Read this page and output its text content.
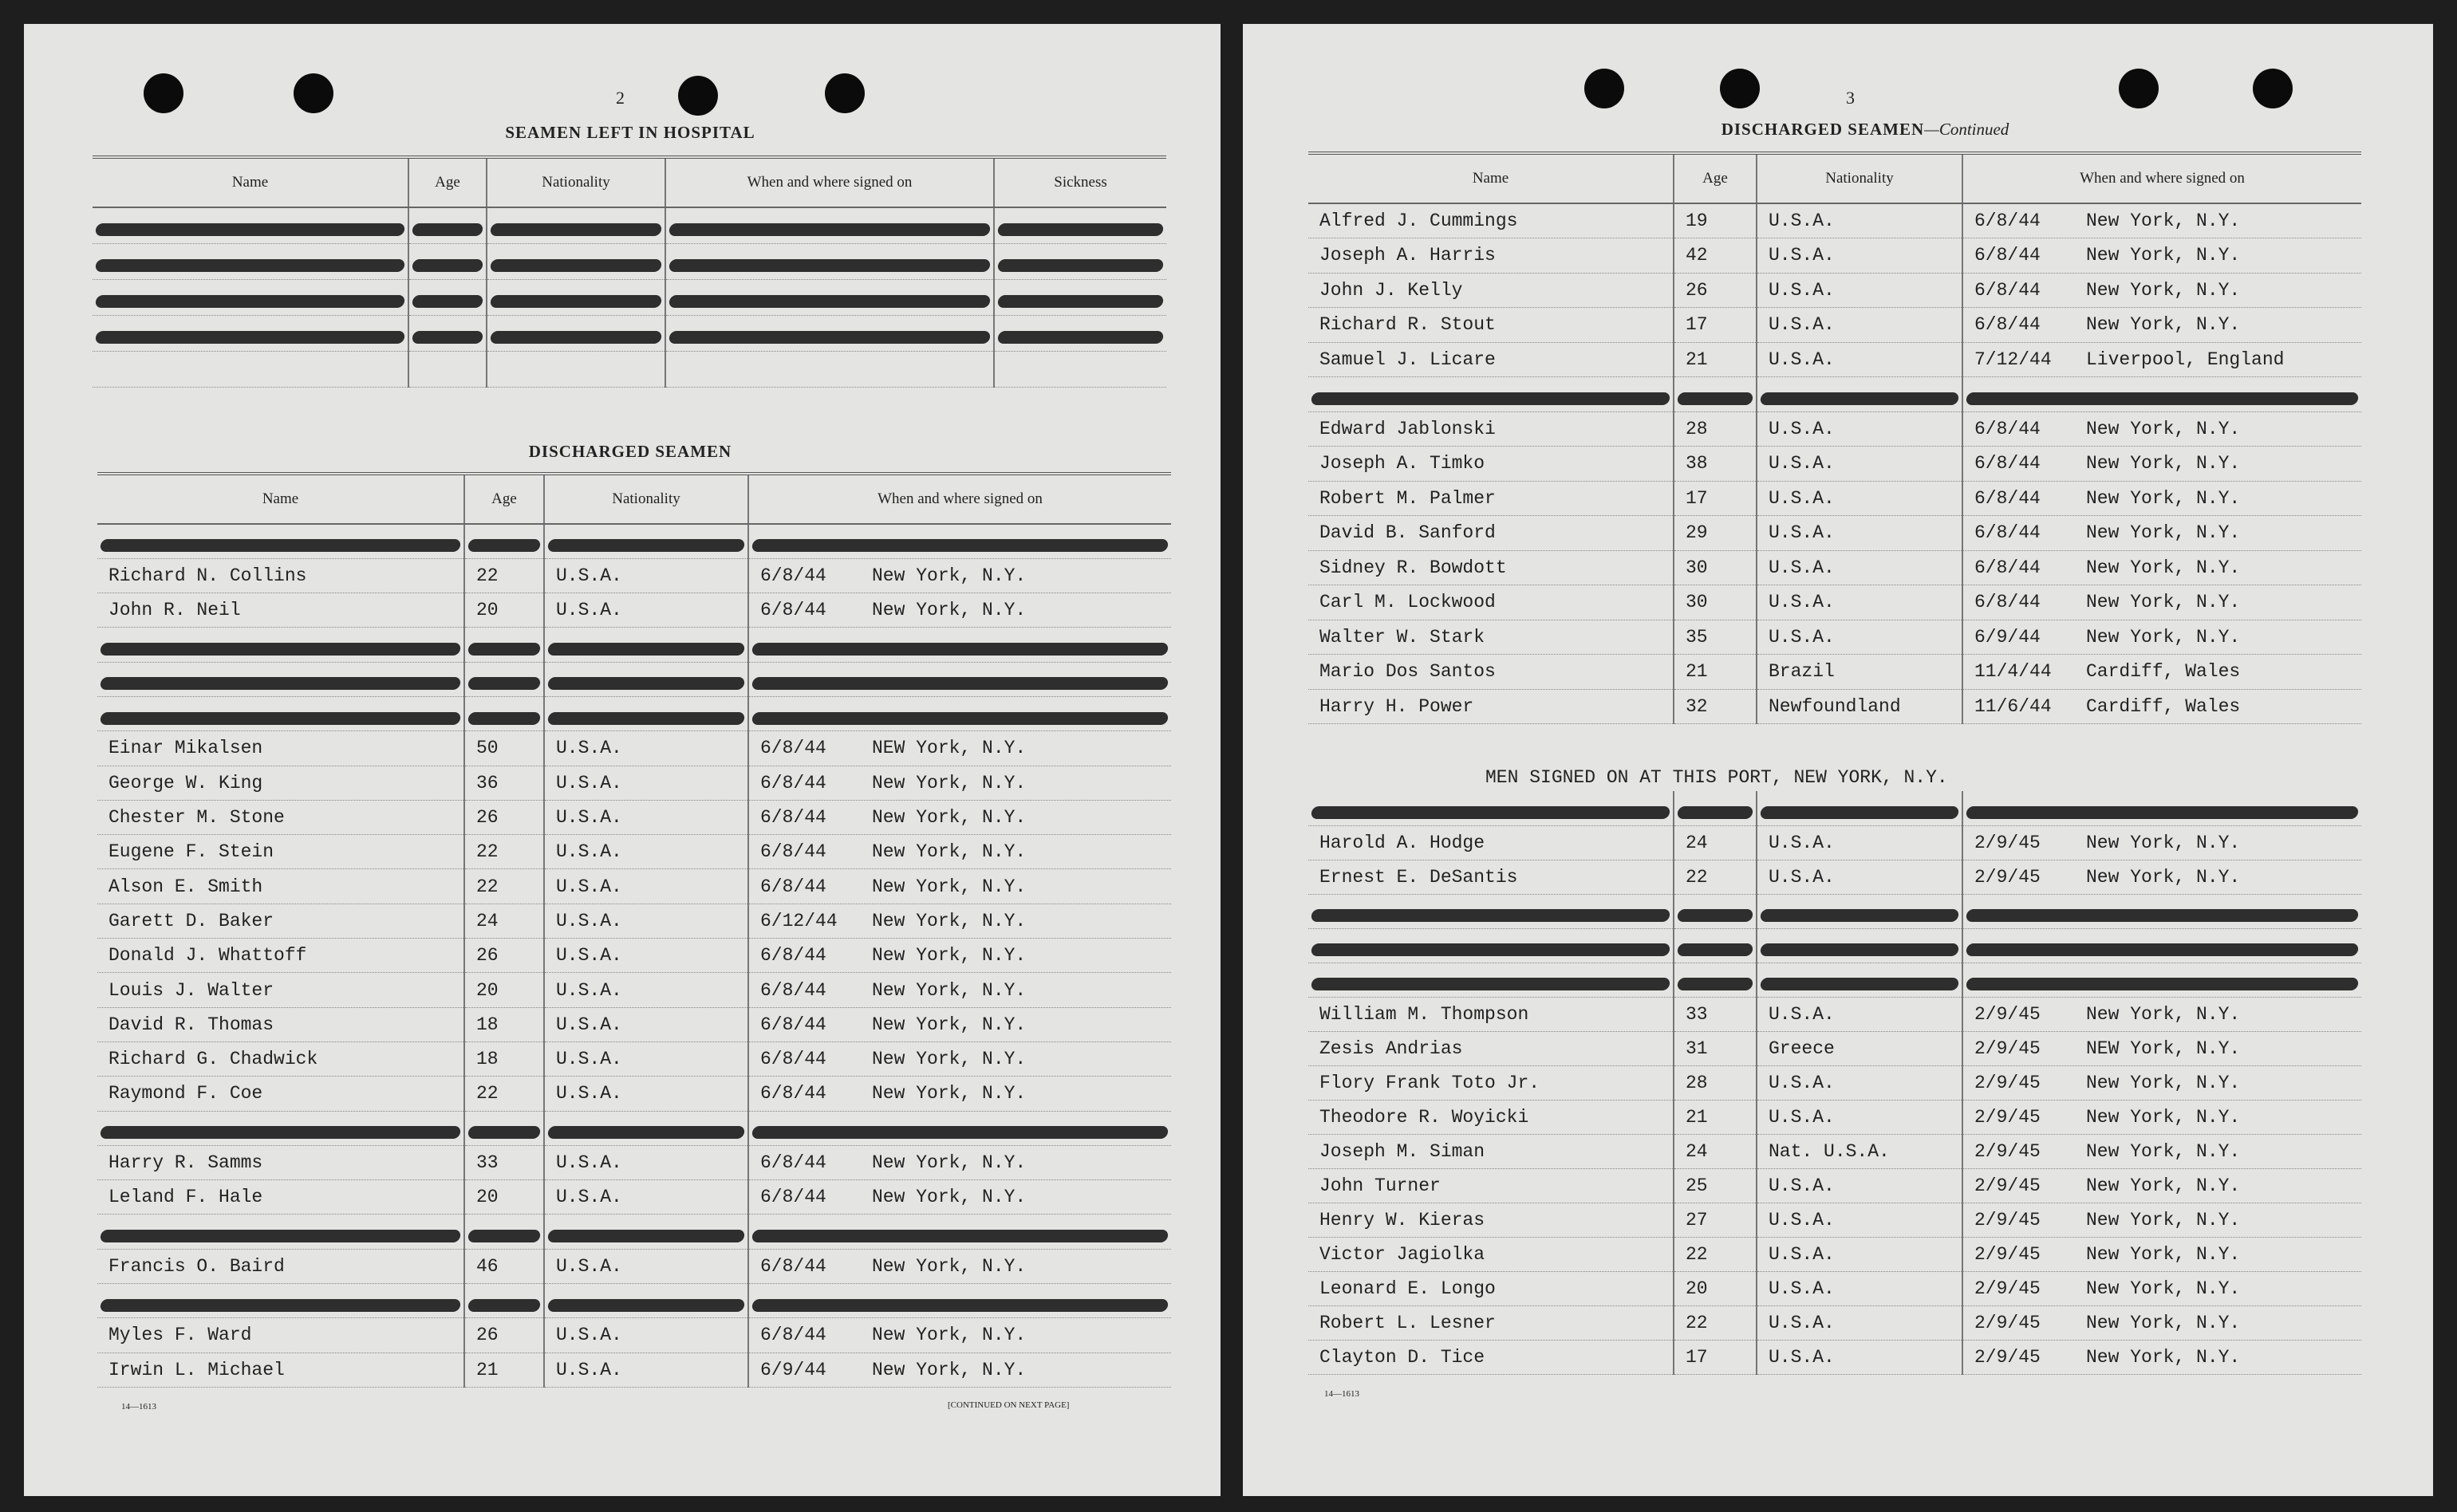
2
SEAMEN LEFT IN HOSPITAL
Name	Age	Nationality	When and where signed on	Sickness

DISCHARGED SEAMEN
Name	Age	Nationality	When and where signed on

Richard N. Collins	22	U.S.A.	6/8/44 New York, N.Y.
John R. Neil	20	U.S.A.	6/8/44 New York, N.Y.

Einar Mikalsen	50	U.S.A.	6/8/44 NEW York, N.Y.
George W. King	36	U.S.A.	6/8/44 New York, N.Y.
Chester M. Stone	26	U.S.A.	6/8/44 New York, N.Y.
Eugene F. Stein	22	U.S.A.	6/8/44 New York, N.Y.
Alson E. Smith	22	U.S.A.	6/8/44 New York, N.Y.
Garett D. Baker	24	U.S.A.	6/12/44 New York, N.Y.
Donald J. Whattoff	26	U.S.A.	6/8/44 New York, N.Y.
Louis J. Walter	20	U.S.A.	6/8/44 New York, N.Y.
David R. Thomas	18	U.S.A.	6/8/44 New York, N.Y.
Richard G. Chadwick	18	U.S.A.	6/8/44 New York, N.Y.
Raymond F. Coe	22	U.S.A.	6/8/44 New York, N.Y.

Harry R. Samms	33	U.S.A.	6/8/44 New York, N.Y.
Leland F. Hale	20	U.S.A.	6/8/44 New York, N.Y.

Francis O. Baird	46	U.S.A.	6/8/44 New York, N.Y.

Myles F. Ward	26	U.S.A.	6/8/44 New York, N.Y.
Irwin L. Michael	21	U.S.A.	6/9/44 New York, N.Y.
14—1613	[CONTINUED ON NEXT PAGE]
3
DISCHARGED SEAMEN—Continued
Name	Age	Nationality	When and where signed on
Alfred J. Cummings	19	U.S.A.	6/8/44 New York, N.Y.
Joseph A. Harris	42	U.S.A.	6/8/44 New York, N.Y.
John J. Kelly	26	U.S.A.	6/8/44 New York, N.Y.
Richard R. Stout	17	U.S.A.	6/8/44 New York, N.Y.
Samuel J. Licare	21	U.S.A.	7/12/44 Liverpool, England

Edward Jablonski	28	U.S.A.	6/8/44 New York, N.Y.
Joseph A. Timko	38	U.S.A.	6/8/44 New York, N.Y.
Robert M. Palmer	17	U.S.A.	6/8/44 New York, N.Y.
David B. Sanford	29	U.S.A.	6/8/44 New York, N.Y.
Sidney R. Bowdott	30	U.S.A.	6/8/44 New York, N.Y.
Carl M. Lockwood	30	U.S.A.	6/8/44 New York, N.Y.
Walter W. Stark	35	U.S.A.	6/9/44 New York, N.Y.
Mario Dos Santos	21	Brazil	11/4/44 Cardiff, Wales
Harry H. Power	32	Newfoundland	11/6/44 Cardiff, Wales
MEN SIGNED ON AT THIS PORT, NEW YORK, N.Y.

Harold A. Hodge	24	U.S.A.	2/9/45 New York, N.Y.
Ernest E. DeSantis	22	U.S.A.	2/9/45 New York, N.Y.

William M. Thompson	33	U.S.A.	2/9/45 New York, N.Y.
Zesis Andrias	31	Greece	2/9/45 NEW York, N.Y.
Flory Frank Toto Jr.	28	U.S.A.	2/9/45 New York, N.Y.
Theodore R. Woyicki	21	U.S.A.	2/9/45 New York, N.Y.
Joseph M. Siman	24	Nat. U.S.A.	2/9/45 New York, N.Y.
John Turner	25	U.S.A.	2/9/45 New York, N.Y.
Henry W. Kieras	27	U.S.A.	2/9/45 New York, N.Y.
Victor Jagiolka	22	U.S.A.	2/9/45 New York, N.Y.
Leonard E. Longo	20	U.S.A.	2/9/45 New York, N.Y.
Robert L. Lesner	22	U.S.A.	2/9/45 New York, N.Y.
Clayton D. Tice	17	U.S.A.	2/9/45 New York, N.Y.
14—1613
